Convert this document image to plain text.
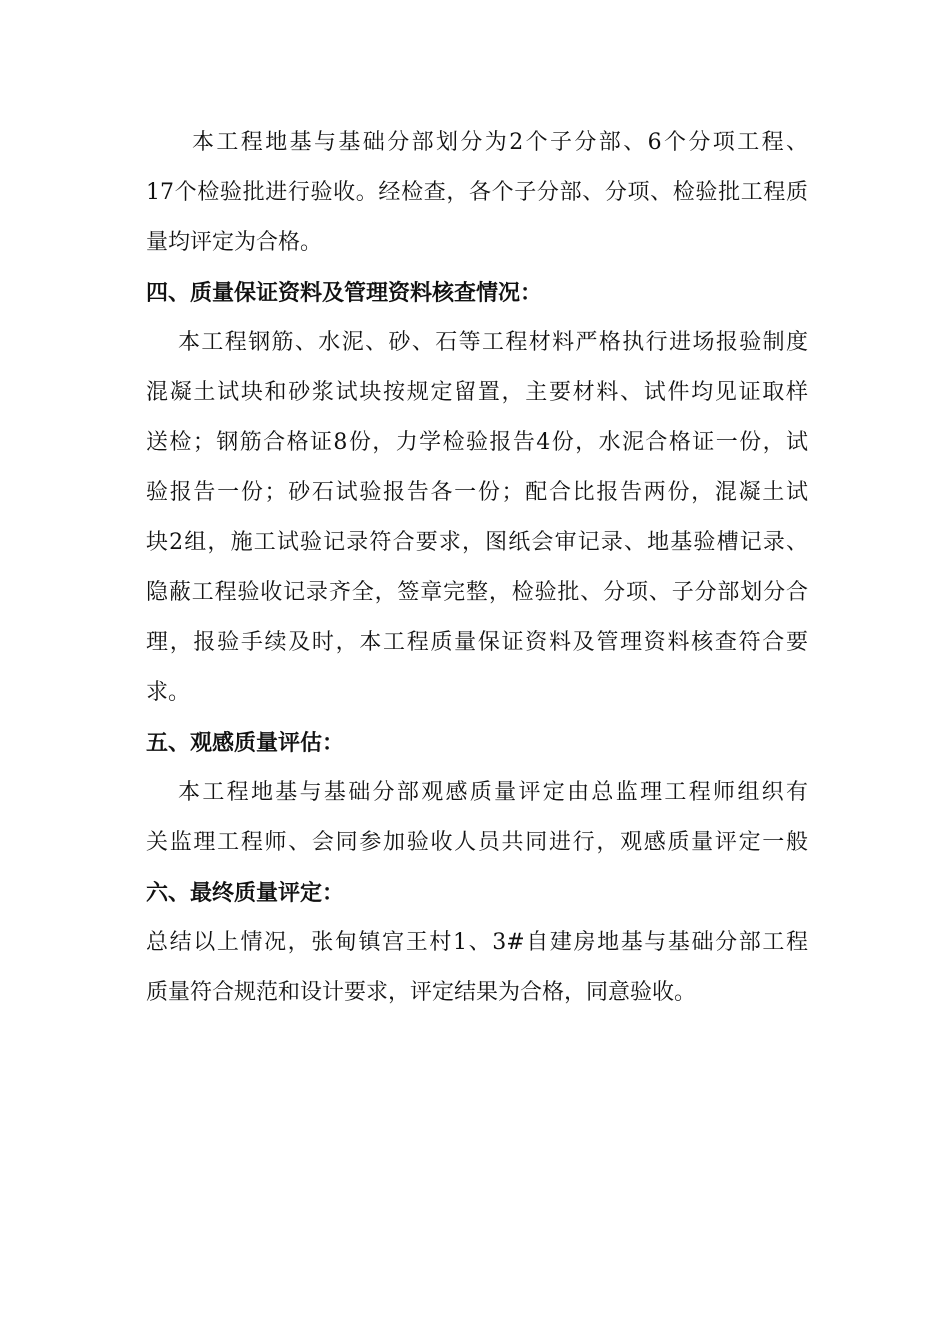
本工程地基与基础分部划分为2个子分部、6个分项工程、
17个检验批进行验收。经检查，各个子分部、分项、检验批工程质
量均评定为合格。
四、质量保证资料及管理资料核查情况：
本工程钢筋、水泥、砂、石等工程材料严格执行进场报验制度
混凝土试块和砂浆试块按规定留置，主要材料、试件均见证取样
送检；钢筋合格证8份，力学检验报告4份，水泥合格证一份，试
验报告一份；砂石试验报告各一份；配合比报告两份，混凝土试
块2组，施工试验记录符合要求，图纸会审记录、地基验槽记录、
隐蔽工程验收记录齐全，签章完整，检验批、分项、子分部划分合
理，报验手续及时，本工程质量保证资料及管理资料核查符合要
求。
五、观感质量评估：
本工程地基与基础分部观感质量评定由总监理工程师组织有
关监理工程师、会同参加验收人员共同进行，观感质量评定一般
六、最终质量评定：
总结以上情况，张甸镇宫王村1、3#自建房地基与基础分部工程
质量符合规范和设计要求，评定结果为合格，同意验收。
